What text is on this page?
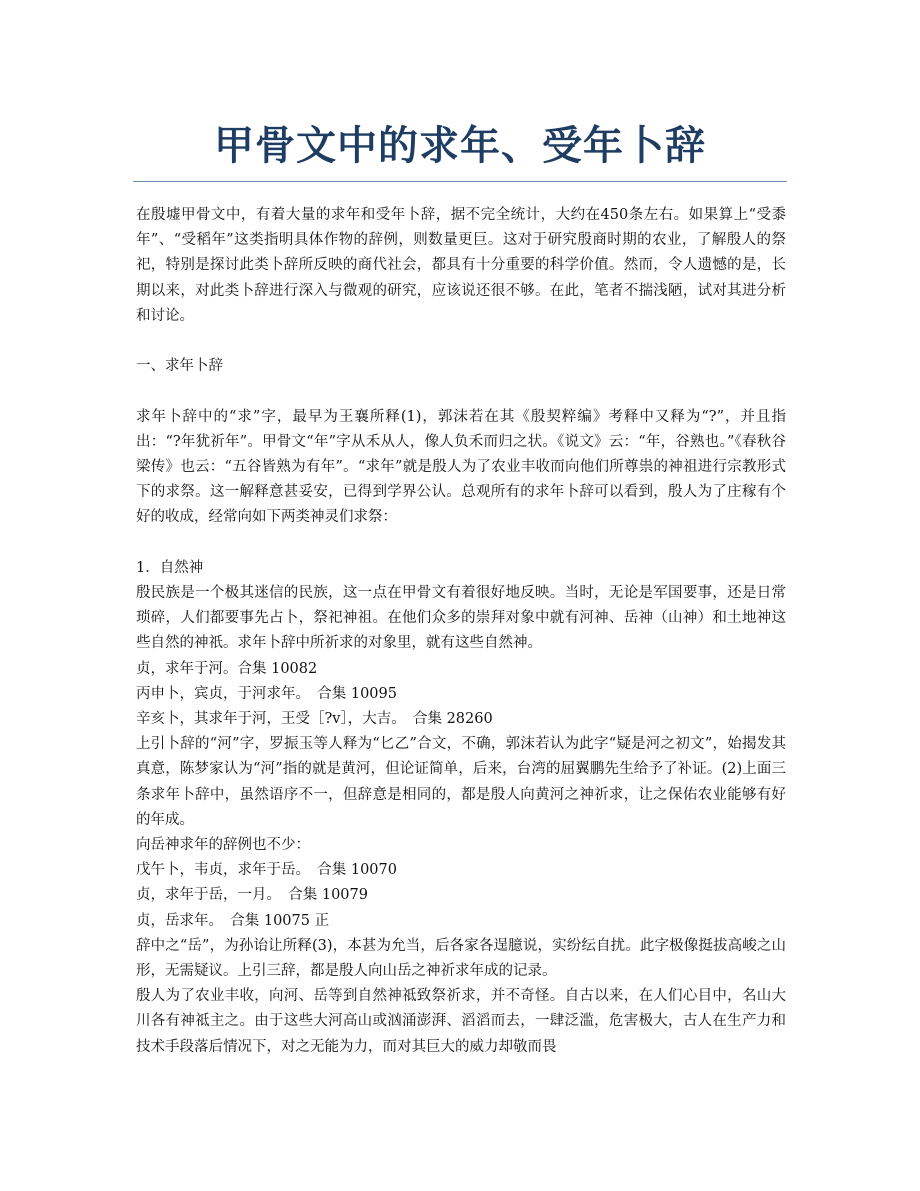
甲骨文中的求年、受年卜辞

在殷墟甲骨文中，有着大量的求年和受年卜辞，据不完全统计，大约在450条左右。如果算上“受黍年”、“受稻年”这类指明具体作物的辞例，则数量更巨。这对于研究殷商时期的农业，了解殷人的祭祀，特别是探讨此类卜辞所反映的商代社会，都具有十分重要的科学价值。然而，令人遗憾的是，长期以来，对此类卜辞进行深入与微观的研究，应该说还很不够。在此，笔者不揣浅陋，试对其进分析和讨论。

一、求年卜辞

求年卜辞中的“求”字，最早为王襄所释(1)，郭沫若在其《殷契粹编》考释中又释为“?”，并且指出：“?年犹祈年”。甲骨文“年”字从禾从人，像人负禾而归之状。《说文》云：“年，谷熟也。”《春秋谷梁传》也云：“五谷皆熟为有年”。“求年”就是殷人为了农业丰收而向他们所尊祟的神祖进行宗教形式下的求祭。这一解释意甚妥安，已得到学界公认。总观所有的求年卜辞可以看到，殷人为了庄稼有个好的收成，经常向如下两类神灵们求祭：

1．自然神

殷民族是一个极其迷信的民族，这一点在甲骨文有着很好地反映。当时，无论是军国要事，还是日常琐碎，人们都要事先占卜，祭祀神祖。在他们众多的崇拜对象中就有河神、岳神（山神）和土地神这些自然的神祇。求年卜辞中所祈求的对象里，就有这些自然神。

贞，求年于河。合集 10082

丙申卜，宾贞，于河求年。　合集 10095

辛亥卜，其求年于河，王受［?v］，大吉。　合集 28260

上引卜辞的“河”字，罗振玉等人释为“匕乙”合文，不确，郭沫若认为此字“疑是河之初文”，始揭发其真意，陈梦家认为“河”指的就是黄河，但论证简单，后来，台湾的屈翼鹏先生给予了补证。(2)上面三条求年卜辞中，虽然语序不一，但辞意是相同的，都是殷人向黄河之神祈求，让之保佑农业能够有好的年成。

向岳神求年的辞例也不少：

戊午卜，韦贞，求年于岳。　合集 10070

贞，求年于岳，一月。　合集 10079

贞，岳求年。　合集 10075 正

辞中之“岳”，为孙诒让所释(3)，本甚为允当，后各家各逞臆说，实纷纭自扰。此字极像挺拔高峻之山形，无需疑议。上引三辞，都是殷人向山岳之神祈求年成的记录。

殷人为了农业丰收，向河、岳等到自然神祗致祭祈求，并不奇怪。自古以来，在人们心目中，名山大川各有神祗主之。由于这些大河高山或汹涌澎湃、滔滔而去，一肆泛滥，危害极大，古人在生产力和技术手段落后情况下，对之无能为力，而对其巨大的威力却敬而畏
